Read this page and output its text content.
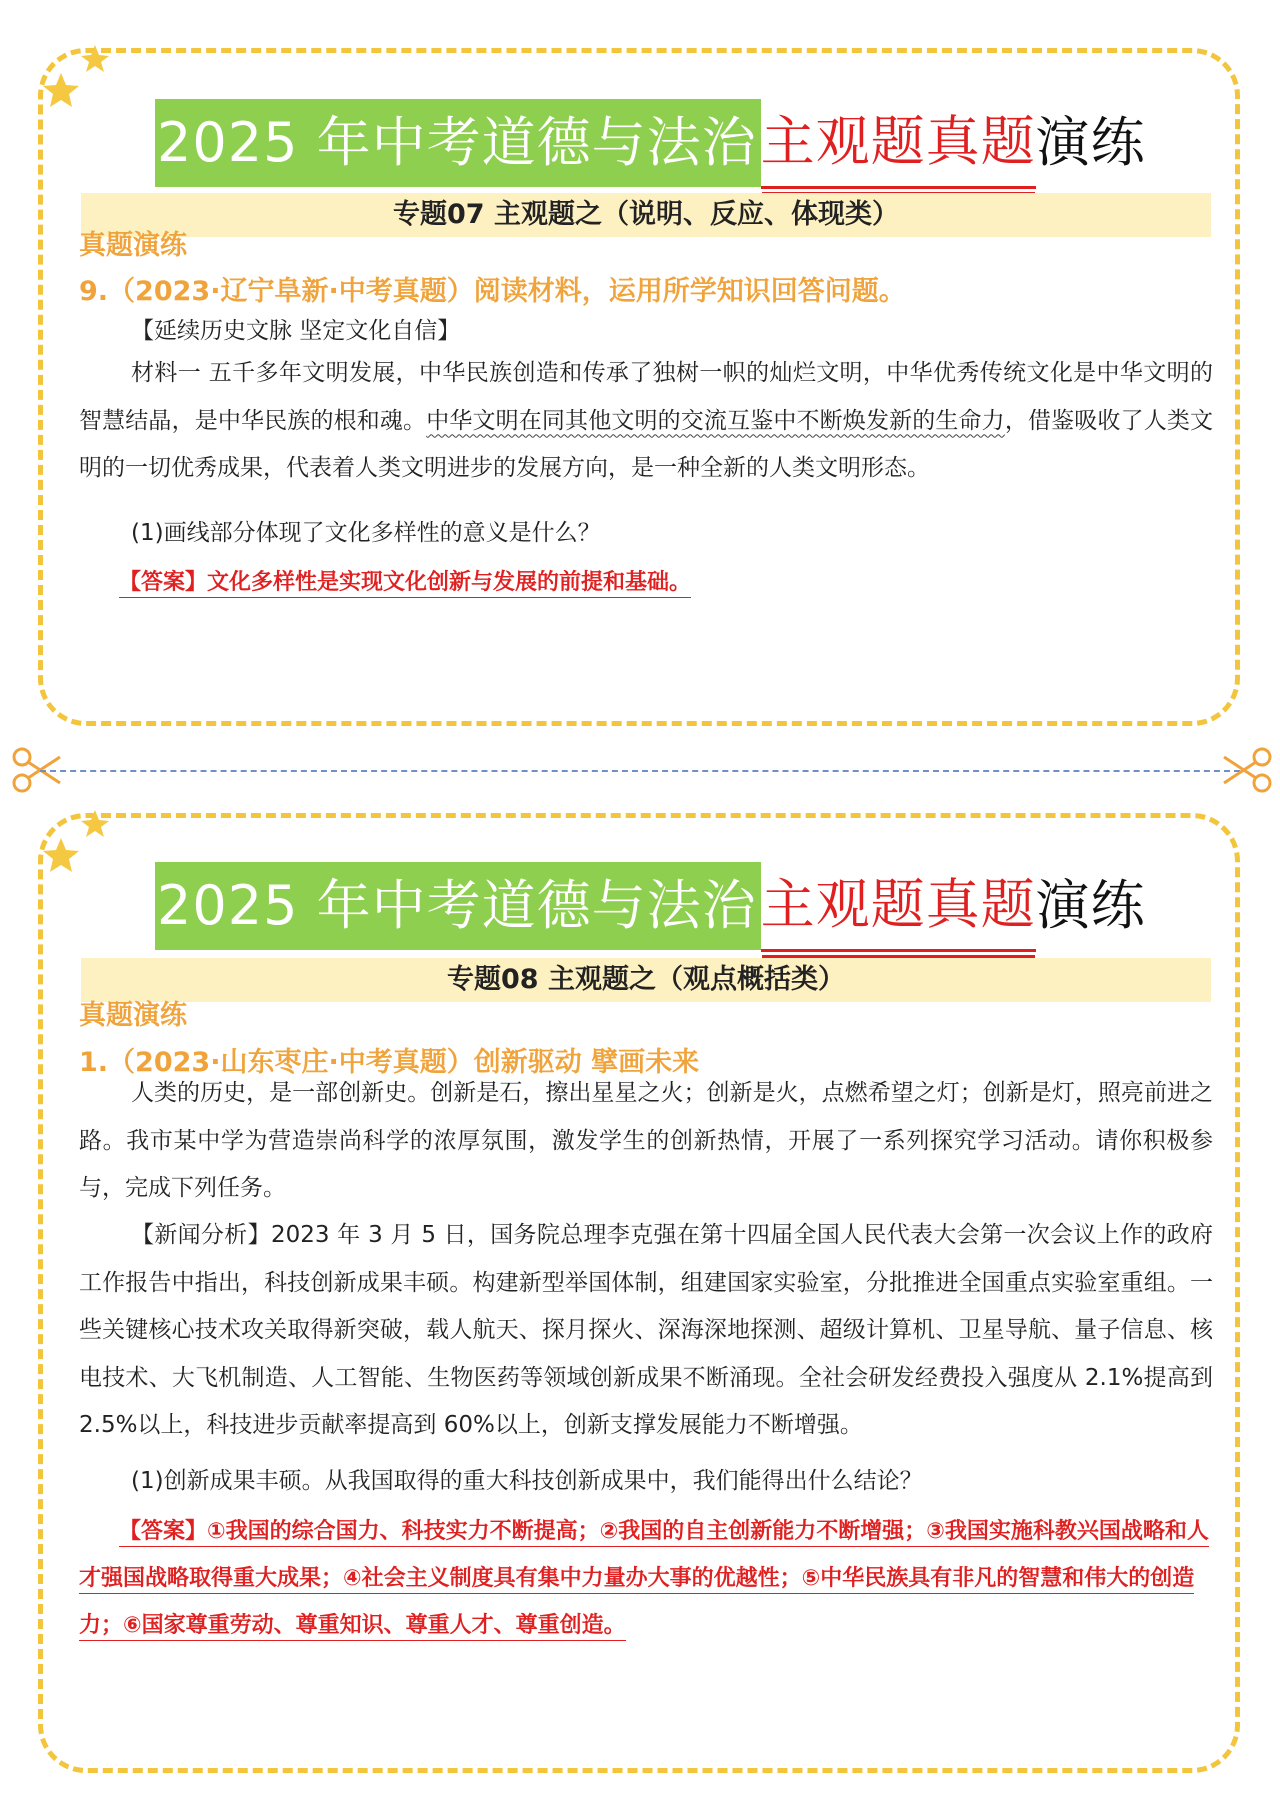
2025 年中考道德与法治 主观题真题 演练
专题07 主观题之（说明、反应、体现类）
真题演练
9.（2023·辽宁阜新·中考真题）阅读材料，运用所学知识回答问题。
【延续历史文脉 坚定文化自信】
材料一 五千多年文明发展，中华民族创造和传承了独树一帜的灿烂文明，中华优秀传统文化是中华文明的智慧结晶，是中华民族的根和魂。中华文明在同其他文明的交流互鉴中不断焕发新的生命力，借鉴吸收了人类文明的一切优秀成果，代表着人类文明进步的发展方向，是一种全新的人类文明形态。
(1)画线部分体现了文化多样性的意义是什么？
【答案】文化多样性是实现文化创新与发展的前提和基础。
2025 年中考道德与法治 主观题真题 演练
专题08 主观题之（观点概括类）
真题演练
1.（2023·山东枣庄·中考真题）创新驱动 擘画未来
人类的历史，是一部创新史。创新是石，擦出星星之火；创新是火，点燃希望之灯；创新是灯，照亮前进之路。我市某中学为营造崇尚科学的浓厚氛围，激发学生的创新热情，开展了一系列探究学习活动。请你积极参与，完成下列任务。
【新闻分析】2023 年 3 月 5 日，国务院总理李克强在第十四届全国人民代表大会第一次会议上作的政府工作报告中指出，科技创新成果丰硕。构建新型举国体制，组建国家实验室，分批推进全国重点实验室重组。一些关键核心技术攻关取得新突破，载人航天、探月探火、深海深地探测、超级计算机、卫星导航、量子信息、核电技术、大飞机制造、人工智能、生物医药等领域创新成果不断涌现。全社会研发经费投入强度从 2.1%提高到 2.5%以上，科技进步贡献率提高到 60%以上，创新支撑发展能力不断增强。
(1)创新成果丰硕。从我国取得的重大科技创新成果中，我们能得出什么结论？
【答案】①我国的综合国力、科技实力不断提高；②我国的自主创新能力不断增强；③我国实施科教兴国战略和人才强国战略取得重大成果；④社会主义制度具有集中力量办大事的优越性；⑤中华民族具有非凡的智慧和伟大的创造力；⑥国家尊重劳动、尊重知识、尊重人才、尊重创造。
